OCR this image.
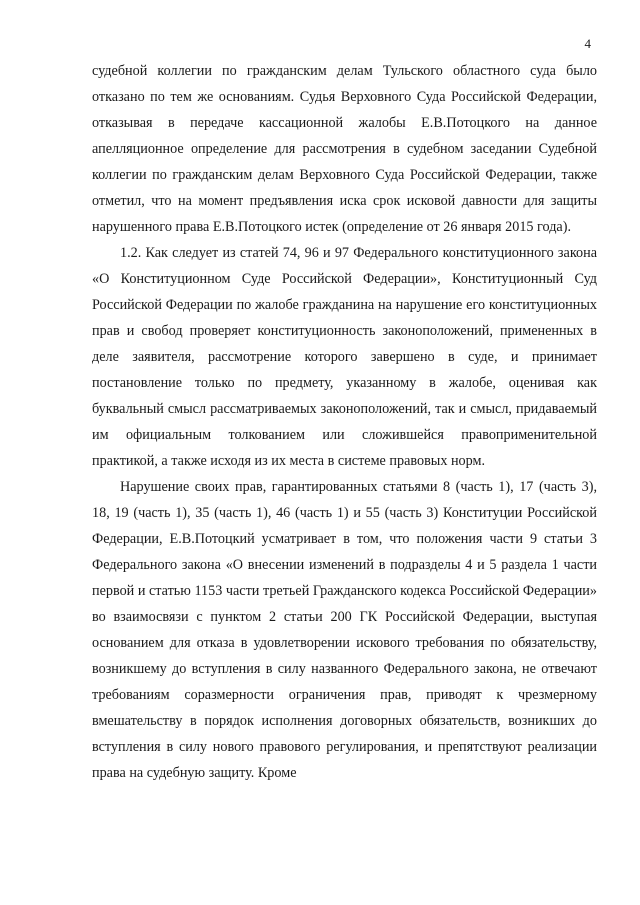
4

судебной коллегии по гражданским делам Тульского областного суда было отказано по тем же основаниям. Судья Верховного Суда Российской Федерации, отказывая в передаче кассационной жалобы Е.В.Потоцкого на данное апелляционное определение для рассмотрения в судебном заседании Судебной коллегии по гражданским делам Верховного Суда Российской Федерации, также отметил, что на момент предъявления иска срок исковой давности для защиты нарушенного права Е.В.Потоцкого истек (определение от 26 января 2015 года).

1.2. Как следует из статей 74, 96 и 97 Федерального конституционного закона «О Конституционном Суде Российской Федерации», Конституционный Суд Российской Федерации по жалобе гражданина на нарушение его конституционных прав и свобод проверяет конституционность законоположений, примененных в деле заявителя, рассмотрение которого завершено в суде, и принимает постановление только по предмету, указанному в жалобе, оценивая как буквальный смысл рассматриваемых законоположений, так и смысл, придаваемый им официальным толкованием или сложившейся правоприменительной практикой, а также исходя из их места в системе правовых норм.

Нарушение своих прав, гарантированных статьями 8 (часть 1), 17 (часть 3), 18, 19 (часть 1), 35 (часть 1), 46 (часть 1) и 55 (часть 3) Конституции Российской Федерации, Е.В.Потоцкий усматривает в том, что положения части 9 статьи 3 Федерального закона «О внесении изменений в подразделы 4 и 5 раздела 1 части первой и статью 1153 части третьей Гражданского кодекса Российской Федерации» во взаимосвязи с пунктом 2 статьи 200 ГК Российской Федерации, выступая основанием для отказа в удовлетворении искового требования по обязательству, возникшему до вступления в силу названного Федерального закона, не отвечают требованиям соразмерности ограничения прав, приводят к чрезмерному вмешательству в порядок исполнения договорных обязательств, возникших до вступления в силу нового правового регулирования, и препятствуют реализации права на судебную защиту. Кроме
